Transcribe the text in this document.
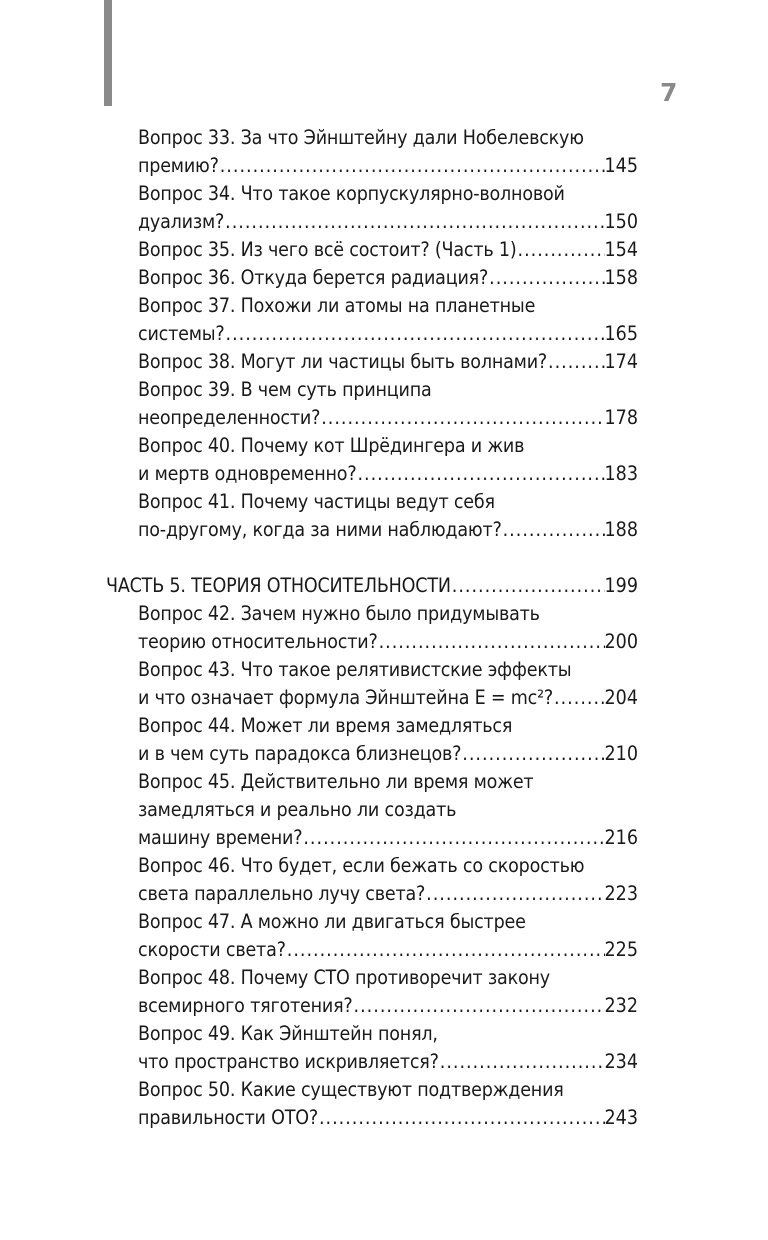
7
Вопрос 33. За что Эйнштейну дали Нобелевскую
премию? .....	145
Вопрос 34. Что такое корпускулярно-волновой
дуализм? .....	150
Вопрос 35. Из чего всё состоит? (Часть 1) .....	154
Вопрос 36. Откуда берется радиация? .....	158
Вопрос 37. Похожи ли атомы на планетные
системы? .....	165
Вопрос 38. Могут ли частицы быть волнами? .....	174
Вопрос 39. В чем суть принципа
неопределенности? .....	178
Вопрос 40. Почему кот Шрёдингера и жив
и мертв одновременно? .....	183
Вопрос 41. Почему частицы ведут себя
по-другому, когда за ними наблюдают? .....	188
ЧАСТЬ 5. ТЕОРИЯ ОТНОСИТЕЛЬНОСТИ .....	199
Вопрос 42. Зачем нужно было придумывать
теорию относительности? .....	200
Вопрос 43. Что такое релятивистские эффекты
и что означает формула Эйнштейна E = mc²? .....	204
Вопрос 44. Может ли время замедляться
и в чем суть парадокса близнецов? .....	210
Вопрос 45. Действительно ли время может
замедляться и реально ли создать
машину времени? .....	216
Вопрос 46. Что будет, если бежать со скоростью
света параллельно лучу света? .....	223
Вопрос 47. А можно ли двигаться быстрее
скорости света? .....	225
Вопрос 48. Почему СТО противоречит закону
всемирного тяготения? .....	232
Вопрос 49. Как Эйнштейн понял,
что пространство искривляется? .....	234
Вопрос 50. Какие существуют подтверждения
правильности ОТО? .....	243
